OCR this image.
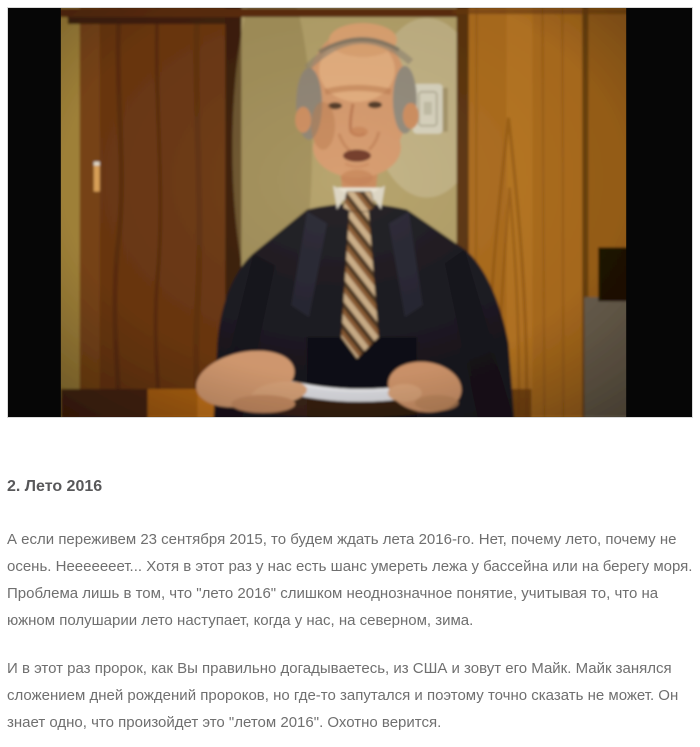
2. Лето 2016

А если переживем 23 сентября 2015, то будем ждать лета 2016-го. Нет, почему лето, почему не осень. Нееееееет... Хотя в этот раз у нас есть шанс умереть лежа у бассейна или на берегу моря. Проблема лишь в том, что "лето 2016" слишком неоднозначное понятие, учитывая то, что на южном полушарии лето наступает, когда у нас, на северном, зима.

И в этот раз пророк, как Вы правильно догадываетесь, из США и зовут его Майк. Майк занялся сложением дней рождений пророков, но где-то запутался и поэтому точно сказать не может. Он знает одно, что произойдет это "летом 2016". Охотно верится.
